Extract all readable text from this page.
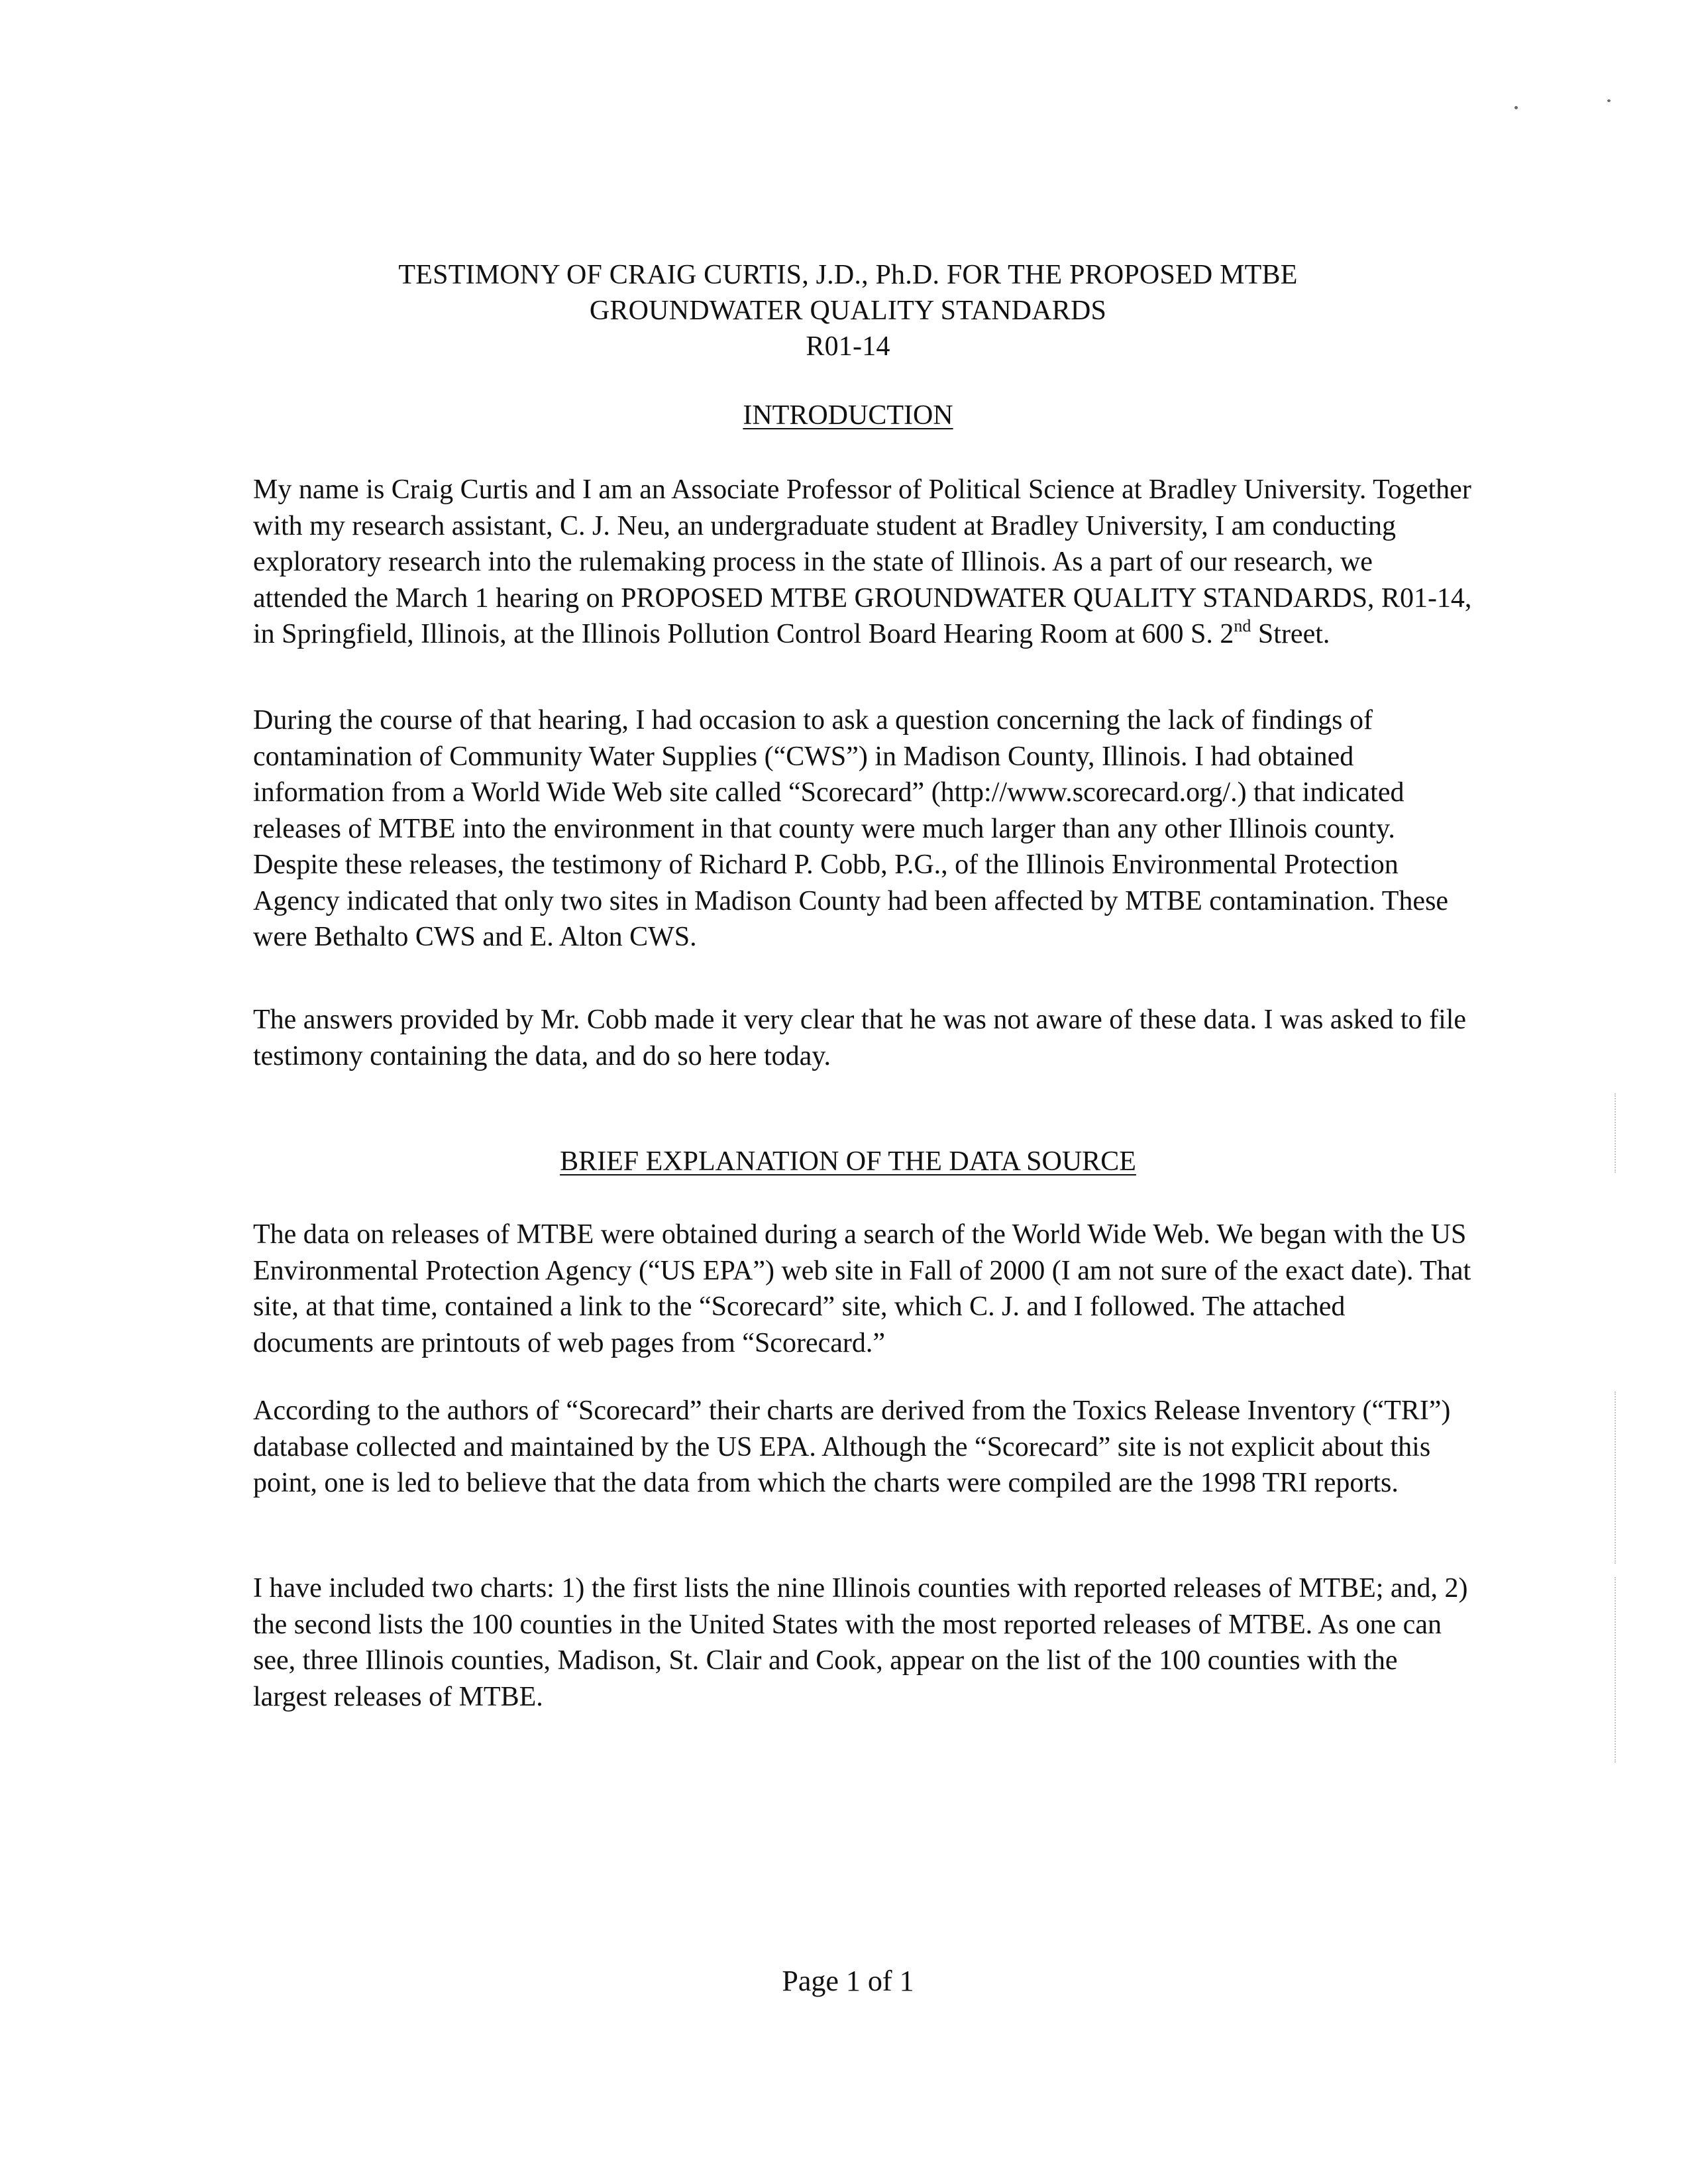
TESTIMONY OF CRAIG CURTIS, J.D., Ph.D. FOR THE PROPOSED MTBE
GROUNDWATER QUALITY STANDARDS
R01-14
INTRODUCTION

My name is Craig Curtis and I am an Associate Professor of Political Science at Bradley University. Together with my research assistant, C. J. Neu, an undergraduate student at Bradley University, I am conducting exploratory research into the rulemaking process in the state of Illinois. As a part of our research, we attended the March 1 hearing on PROPOSED MTBE GROUNDWATER QUALITY STANDARDS, R01-14, in Springfield, Illinois, at the Illinois Pollution Control Board Hearing Room at 600 S. 2nd Street.

During the course of that hearing, I had occasion to ask a question concerning the lack of findings of contamination of Community Water Supplies (“CWS”) in Madison County, Illinois. I had obtained information from a World Wide Web site called “Scorecard” (http://www.scorecard.org/.) that indicated releases of MTBE into the environment in that county were much larger than any other Illinois county. Despite these releases, the testimony of Richard P. Cobb, P.G., of the Illinois Environmental Protection Agency indicated that only two sites in Madison County had been affected by MTBE contamination. These were Bethalto CWS and E. Alton CWS.

The answers provided by Mr. Cobb made it very clear that he was not aware of these data. I was asked to file testimony containing the data, and do so here today.

BRIEF EXPLANATION OF THE DATA SOURCE

The data on releases of MTBE were obtained during a search of the World Wide Web. We began with the US Environmental Protection Agency (“US EPA”) web site in Fall of 2000 (I am not sure of the exact date). That site, at that time, contained a link to the “Scorecard” site, which C. J. and I followed. The attached documents are printouts of web pages from “Scorecard.”

According to the authors of “Scorecard” their charts are derived from the Toxics Release Inventory (“TRI”) database collected and maintained by the US EPA. Although the “Scorecard” site is not explicit about this point, one is led to believe that the data from which the charts were compiled are the 1998 TRI reports.

I have included two charts: 1) the first lists the nine Illinois counties with reported releases of MTBE; and, 2) the second lists the 100 counties in the United States with the most reported releases of MTBE. As one can see, three Illinois counties, Madison, St. Clair and Cook, appear on the list of the 100 counties with the largest releases of MTBE.

Page 1 of 1
